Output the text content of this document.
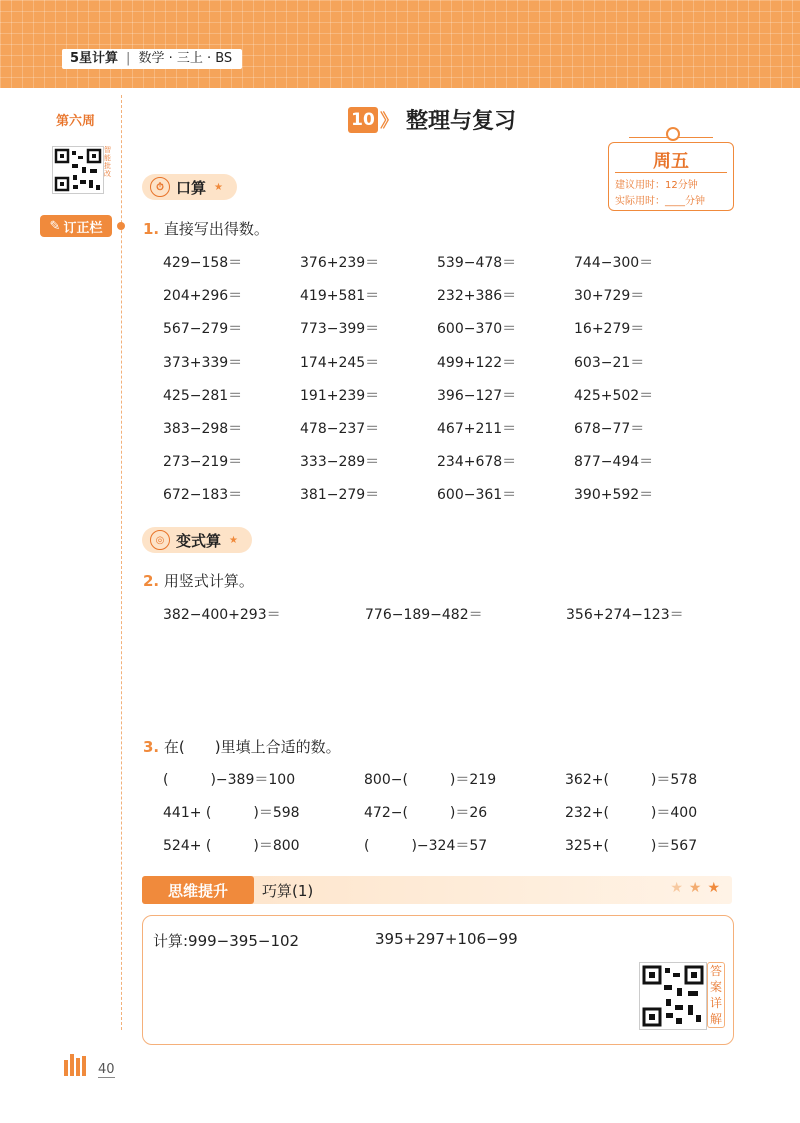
5星计算 | 数学 · 三上 · BS
第六周
智能批改
✎ 订正栏
10 》 整理与复习
周五
建议用时：12分钟
实际用时：____分钟
⏱ 口算 ★
1. 直接写出得数。
429−158＝	376+239＝	539−478＝	744−300＝
204+296＝	419+581＝	232+386＝	30+729＝
567−279＝	773−399＝	600−370＝	16+279＝
373+339＝	174+245＝	499+122＝	603−21＝
425−281＝	191+239＝	396−127＝	425+502＝
383−298＝	478−237＝	467+211＝	678−77＝
273−219＝	333−289＝	234+678＝	877−494＝
672−183＝	381−279＝	600−361＝	390+592＝
◎ 变式算 ★
2. 用竖式计算。
382−400+293＝	776−189−482＝	356+274−123＝
3. 在(　　)里填上合适的数。
(　　　)−389＝100	800−(　　　)＝219	362+(　　　)＝578
441+ (　　　)＝598	472−(　　　)＝26	232+(　　　)＝400
524+ (　　　)＝800	(　　　)−324＝57	325+(　　　)＝567
思维提升	巧算(1)	★★★
计算:999−395−102	395+297+106−99
答案详解
40
